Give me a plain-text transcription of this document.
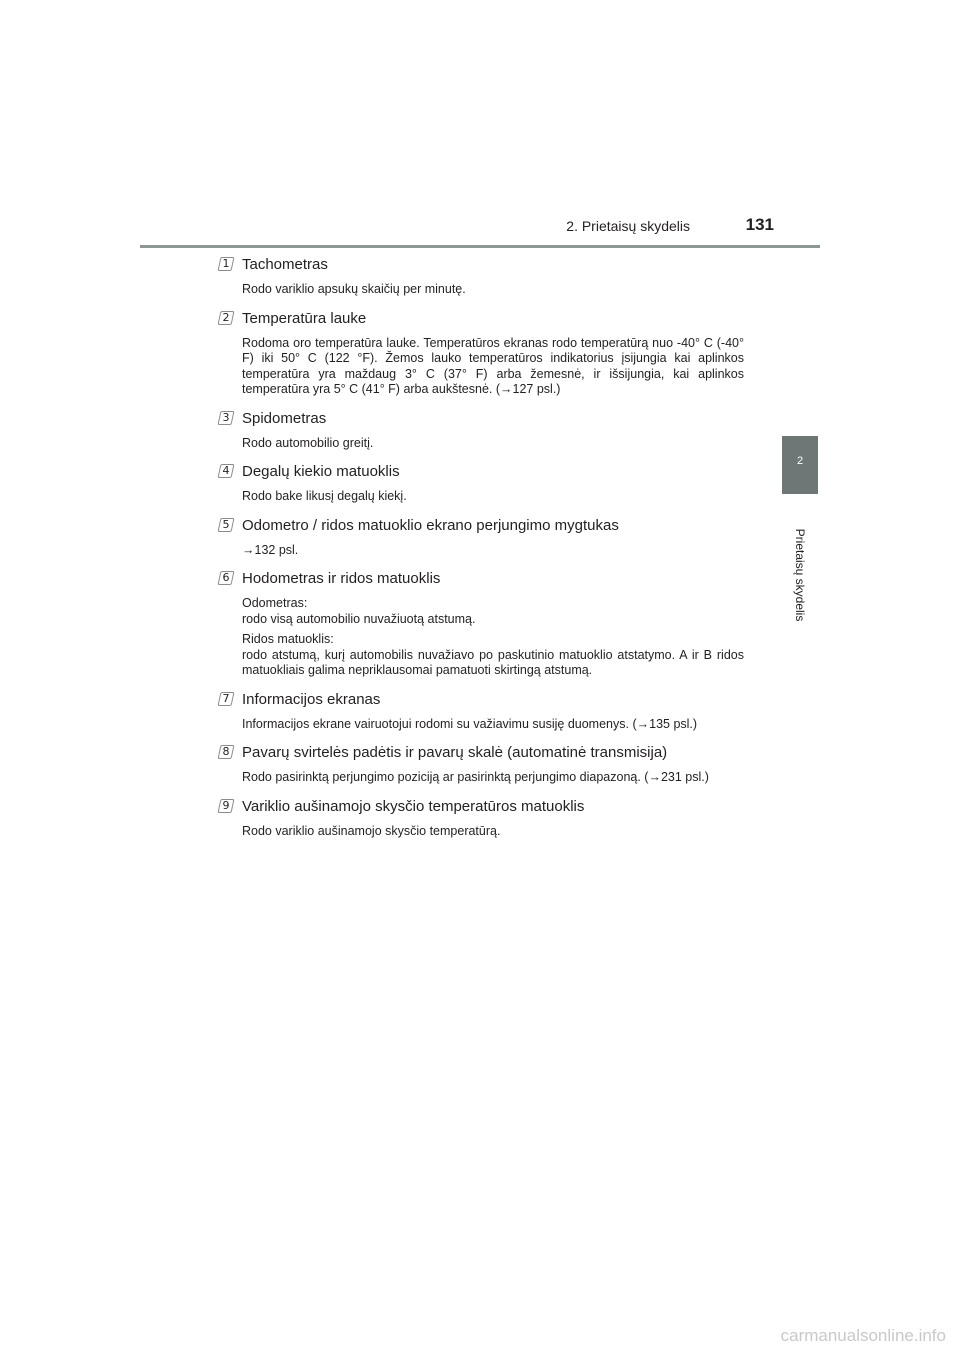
2. Prietaisų skydelis	131
2
Prietaisų skydelis
1 Tachometras

Rodo variklio apsukų skaičių per minutę.

2 Temperatūra lauke

Rodoma oro temperatūra lauke. Temperatūros ekranas rodo temperatūrą nuo -40° C (-40° F) iki 50° C (122 °F). Žemos lauko temperatūros indikatorius įsijungia kai aplinkos temperatūra yra maždaug 3° C (37° F) arba žemesnė, ir išsijungia, kai aplinkos temperatūra yra 5° C (41° F) arba aukštesnė. (→127 psl.)

3 Spidometras

Rodo automobilio greitį.

4 Degalų kiekio matuoklis

Rodo bake likusį degalų kiekį.

5 Odometro / ridos matuoklio ekrano perjungimo mygtukas

→132 psl.

6 Hodometras ir ridos matuoklis

Odometras:
rodo visą automobilio nuvažiuotą atstumą.

Ridos matuoklis:
rodo atstumą, kurį automobilis nuvažiavo po paskutinio matuoklio atstatymo. A ir B ridos matuokliais galima nepriklausomai pamatuoti skirtingą atstumą.

7 Informacijos ekranas

Informacijos ekrane vairuotojui rodomi su važiavimu susiję duomenys. (→135 psl.)

8 Pavarų svirtelės padėtis ir pavarų skalė (automatinė transmisija)

Rodo pasirinktą perjungimo poziciją ar pasirinktą perjungimo diapazoną. (→231 psl.)

9 Variklio aušinamojo skysčio temperatūros matuoklis

Rodo variklio aušinamojo skysčio temperatūrą.

carmanualsonline.info
